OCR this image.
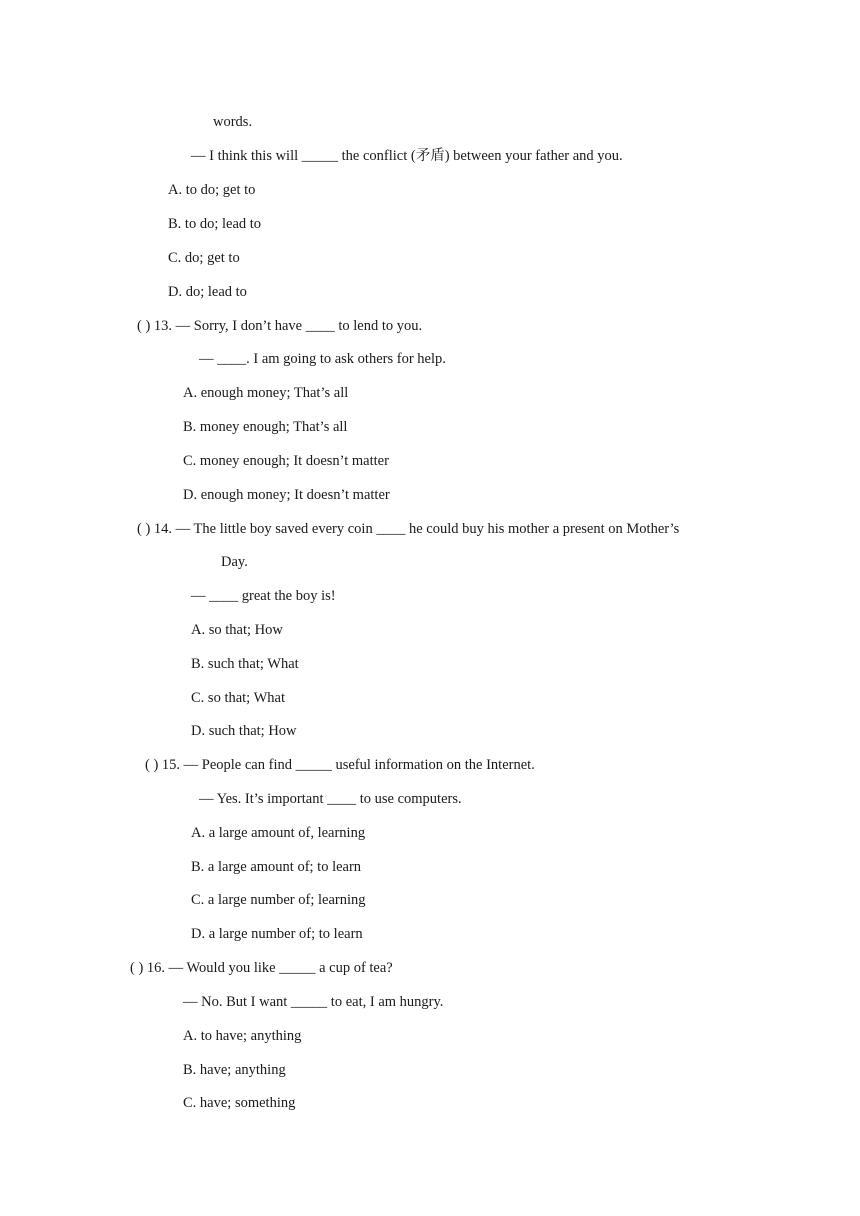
words.
— I think this will _____ the conflict (矛盾) between your father and you.
A. to do; get to
B. to do; lead to
C. do; get to
D. do; lead to
( ) 13. — Sorry, I don’t have ____ to lend to you.
— ____. I am going to ask others for help.
A. enough money; That’s all
B. money enough; That’s all
C. money enough; It doesn’t matter
D. enough money; It doesn’t matter
( ) 14. — The little boy saved every coin ____ he could buy his mother a present on Mother’s
Day.
— ____ great the boy is!
A. so that; How
B. such that; What
C. so that; What
D. such that; How
( ) 15. — People can find _____ useful information on the Internet.
— Yes. It’s important ____ to use computers.
A. a large amount of, learning
B. a large amount of; to learn
C. a large number of; learning
D. a large number of; to learn
( ) 16. — Would you like _____ a cup of tea?
— No. But I want _____ to eat, I am hungry.
A. to have; anything
B. have; anything
C. have; something
